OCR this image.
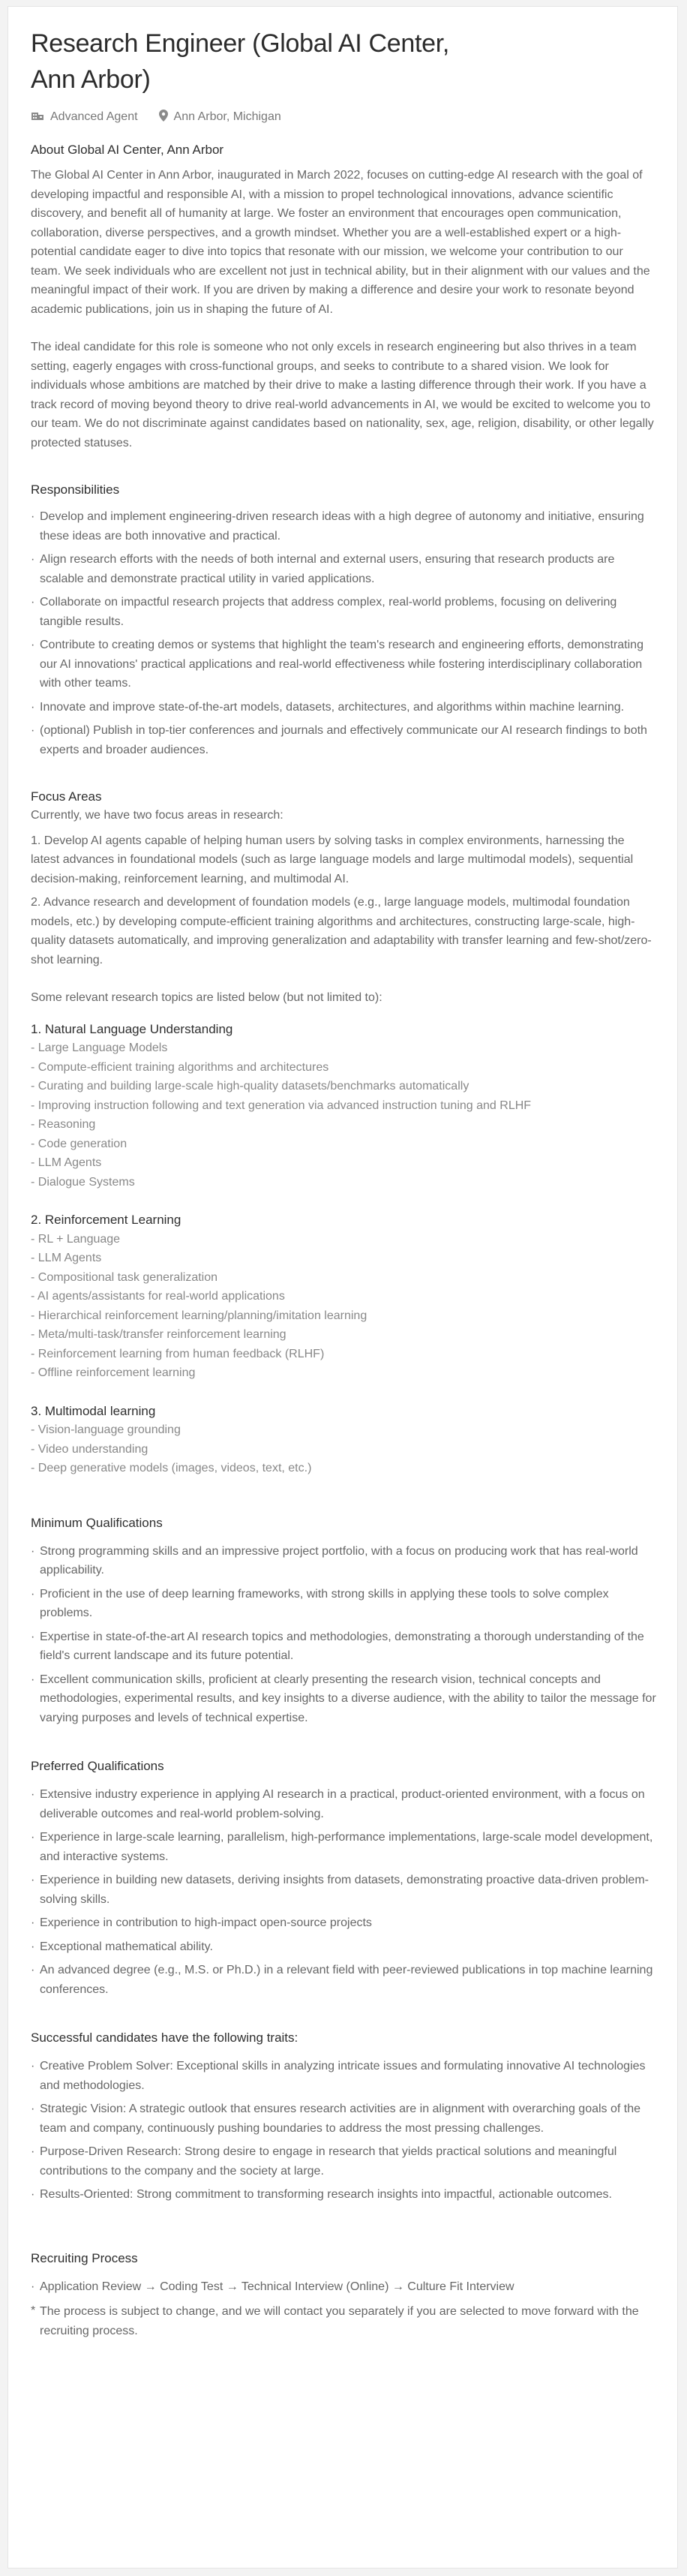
Research Engineer (Global AI Center, Ann Arbor)
Advanced Agent	Ann Arbor, Michigan
About Global AI Center, Ann Arbor

The Global AI Center in Ann Arbor, inaugurated in March 2022, focuses on cutting-edge AI research with the goal of developing impactful and responsible AI, with a mission to propel technological innovations, advance scientific discovery, and benefit all of humanity at large. We foster an environment that encourages open communication, collaboration, diverse perspectives, and a growth mindset. Whether you are a well-established expert or a high-potential candidate eager to dive into topics that resonate with our mission, we welcome your contribution to our team. We seek individuals who are excellent not just in technical ability, but in their alignment with our values and the meaningful impact of their work. If you are driven by making a difference and desire your work to resonate beyond academic publications, join us in shaping the future of AI.

The ideal candidate for this role is someone who not only excels in research engineering but also thrives in a team setting, eagerly engages with cross-functional groups, and seeks to contribute to a shared vision. We look for individuals whose ambitions are matched by their drive to make a lasting difference through their work. If you have a track record of moving beyond theory to drive real-world advancements in AI, we would be excited to welcome you to our team. We do not discriminate against candidates based on nationality, sex, age, religion, disability, or other legally protected statuses.

Responsibilities
· Develop and implement engineering-driven research ideas with a high degree of autonomy and initiative, ensuring these ideas are both innovative and practical.
· Align research efforts with the needs of both internal and external users, ensuring that research products are scalable and demonstrate practical utility in varied applications.
· Collaborate on impactful research projects that address complex, real-world problems, focusing on delivering tangible results.
· Contribute to creating demos or systems that highlight the team's research and engineering efforts, demonstrating our AI innovations' practical applications and real-world effectiveness while fostering interdisciplinary collaboration with other teams.
· Innovate and improve state-of-the-art models, datasets, architectures, and algorithms within machine learning.
· (optional) Publish in top-tier conferences and journals and effectively communicate our AI research findings to both experts and broader audiences.
Focus Areas
Currently, we have two focus areas in research:

1. Develop AI agents capable of helping human users by solving tasks in complex environments, harnessing the latest advances in foundational models (such as large language models and large multimodal models), sequential decision-making, reinforcement learning, and multimodal AI.

2. Advance research and development of foundation models (e.g., large language models, multimodal foundation models, etc.) by developing compute-efficient training algorithms and architectures, constructing large-scale, high-quality datasets automatically, and improving generalization and adaptability with transfer learning and few-shot/zero-shot learning.

Some relevant research topics are listed below (but not limited to):
1. Natural Language Understanding
- Large Language Models
- Compute-efficient training algorithms and architectures
- Curating and building large-scale high-quality datasets/benchmarks automatically
- Improving instruction following and text generation via advanced instruction tuning and RLHF
- Reasoning
- Code generation
- LLM Agents
- Dialogue Systems
2. Reinforcement Learning
- RL + Language
- LLM Agents
- Compositional task generalization
- AI agents/assistants for real-world applications
- Hierarchical reinforcement learning/planning/imitation learning
- Meta/multi-task/transfer reinforcement learning
- Reinforcement learning from human feedback (RLHF)
- Offline reinforcement learning
3. Multimodal learning
- Vision-language grounding
- Video understanding
- Deep generative models (images, videos, text, etc.)
Minimum Qualifications
· Strong programming skills and an impressive project portfolio, with a focus on producing work that has real-world applicability.
· Proficient in the use of deep learning frameworks, with strong skills in applying these tools to solve complex problems.
· Expertise in state-of-the-art AI research topics and methodologies, demonstrating a thorough understanding of the field's current landscape and its future potential.
· Excellent communication skills, proficient at clearly presenting the research vision, technical concepts and methodologies, experimental results, and key insights to a diverse audience, with the ability to tailor the message for varying purposes and levels of technical expertise.
Preferred Qualifications
· Extensive industry experience in applying AI research in a practical, product-oriented environment, with a focus on deliverable outcomes and real-world problem-solving.
· Experience in large-scale learning, parallelism, high-performance implementations, large-scale model development, and interactive systems.
· Experience in building new datasets, deriving insights from datasets, demonstrating proactive data-driven problem-solving skills.
· Experience in contribution to high-impact open-source projects
· Exceptional mathematical ability.
· An advanced degree (e.g., M.S. or Ph.D.) in a relevant field with peer-reviewed publications in top machine learning conferences.
Successful candidates have the following traits:
· Creative Problem Solver: Exceptional skills in analyzing intricate issues and formulating innovative AI technologies and methodologies.
· Strategic Vision: A strategic outlook that ensures research activities are in alignment with overarching goals of the team and company, continuously pushing boundaries to address the most pressing challenges.
· Purpose-Driven Research: Strong desire to engage in research that yields practical solutions and meaningful contributions to the company and the society at large.
· Results-Oriented: Strong commitment to transforming research insights into impactful, actionable outcomes.
Recruiting Process
· Application Review → Coding Test → Technical Interview (Online) → Culture Fit Interview
* The process is subject to change, and we will contact you separately if you are selected to move forward with the recruiting process.
